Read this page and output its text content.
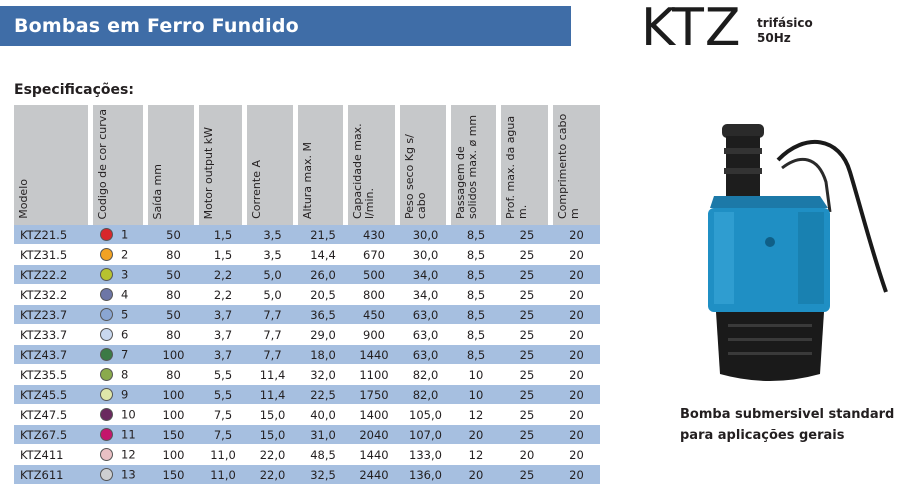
Bombas em Ferro Fundido	KTZ trifásico
50Hz
Especificações:
Modelo	Codigo de cor curva	Saída mm	Motor output kW	Corrente A	Altura max. M	Capacidade max. l/min.	Peso seco Kg s/ cabo	Passagem de solidos max. ø mm	Prof. max. da agua m.	Comprimento cabo m

KTZ21.5	1	50	1,5	3,5	21,5	430	30,0	8,5	25	20
KTZ31.5	2	80	1,5	3,5	14,4	670	30,0	8,5	25	20
KTZ22.2	3	50	2,2	5,0	26,0	500	34,0	8,5	25	20
KTZ32.2	4	80	2,2	5,0	20,5	800	34,0	8,5	25	20
KTZ23.7	5	50	3,7	7,7	36,5	450	63,0	8,5	25	20
KTZ33.7	6	80	3,7	7,7	29,0	900	63,0	8,5	25	20
KTZ43.7	7	100	3,7	7,7	18,0	1440	63,0	8,5	25	20
KTZ35.5	8	80	5,5	11,4	32,0	1100	82,0	10	25	20
KTZ45.5	9	100	5,5	11,4	22,5	1750	82,0	10	25	20
KTZ47.5	10	100	7,5	15,0	40,0	1400	105,0	12	25	20
KTZ67.5	11	150	7,5	15,0	31,0	2040	107,0	20	25	20
KTZ411	12	100	11,0	22,0	48,5	1440	133,0	12	20	20
KTZ611	13	150	11,0	22,0	32,5	2440	136,0	20	25	20
Bomba submersivel standard
para aplicações gerais
